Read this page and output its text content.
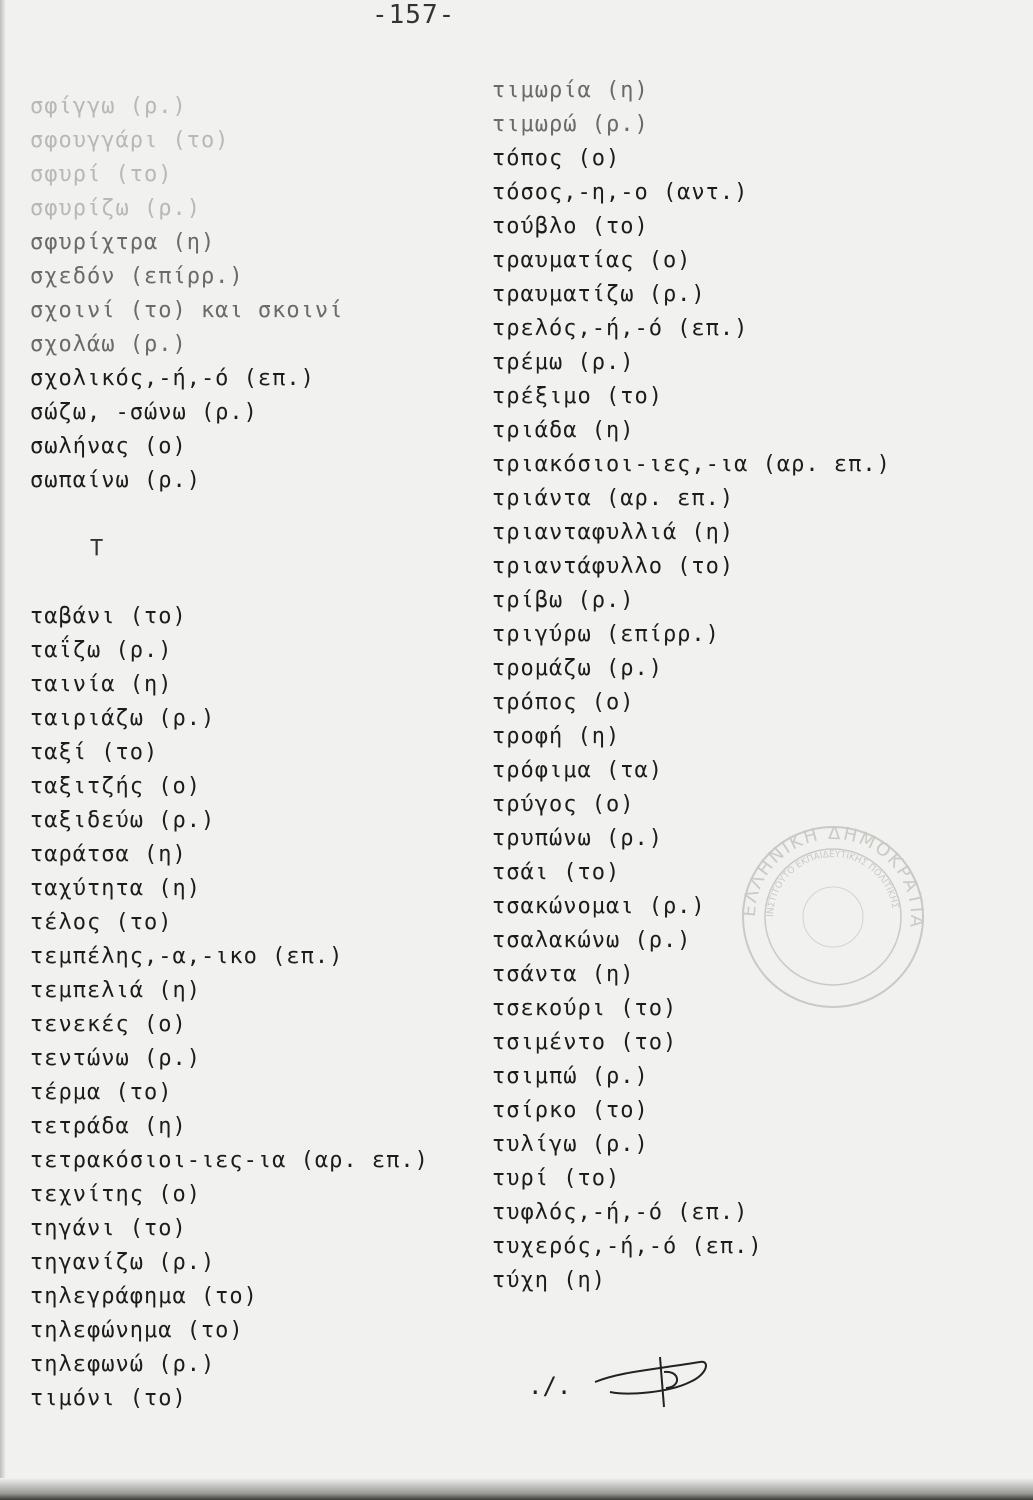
-157-
σφίγγω (ρ.)
σφουγγάρι (το)
σφυρί (το)
σφυρίζω (ρ.)
σφυρίχτρα (η)
σχεδόν (επίρρ.)
σχοινί (το) και σκοινί
σχολάω (ρ.)
σχολικός,-ή,-ό (επ.)
σώζω, -σώνω (ρ.)
σωλήνας (ο)
σωπαίνω (ρ.)
Τ
ταβάνι (το)
ταΐζω (ρ.)
ταινία (η)
ταιριάζω (ρ.)
ταξί (το)
ταξιτζής (ο)
ταξιδεύω (ρ.)
ταράτσα (η)
ταχύτητα (η)
τέλος (το)
τεμπέλης,-α,-ικο (επ.)
τεμπελιά (η)
τενεκές (ο)
τεντώνω (ρ.)
τέρμα (το)
τετράδα (η)
τετρακόσιοι-ιες-ια (αρ. επ.)
τεχνίτης (ο)
τηγάνι (το)
τηγανίζω (ρ.)
τηλεγράφημα (το)
τηλεφώνημα (το)
τηλεφωνώ (ρ.)
τιμόνι (το)
τιμωρία (η)
τιμωρώ (ρ.)
τόπος (ο)
τόσος,-η,-ο (αντ.)
τούβλο (το)
τραυματίας (ο)
τραυματίζω (ρ.)
τρελός,-ή,-ό (επ.)
τρέμω (ρ.)
τρέξιμο (το)
τριάδα (η)
τριακόσιοι-ιες,-ια (αρ. επ.)
τριάντα (αρ. επ.)
τριανταφυλλιά (η)
τριαντάφυλλο (το)
τρίβω (ρ.)
τριγύρω (επίρρ.)
τρομάζω (ρ.)
τρόπος (ο)
τροφή (η)
τρόφιμα (τα)
τρύγος (ο)
τρυπώνω (ρ.)
τσάι (το)
τσακώνομαι (ρ.)
τσαλακώνω (ρ.)
τσάντα (η)
τσεκούρι (το)
τσιμέντο (το)
τσιμπώ (ρ.)
τσίρκο (το)
τυλίγω (ρ.)
τυρί (το)
τυφλός,-ή,-ό (επ.)
τυχερός,-ή,-ό (επ.)
τύχη (η)
./.
ΕΛΛΗΝΙΚΗ ΔΗΜΟΚΡΑΤΙΑ
ΙΝΣΤΙΤΟΥΤΟ ΕΚΠΑΙΔΕΥΤΙΚΗΣ ΠΟΛΙΤΙΚΗΣ
